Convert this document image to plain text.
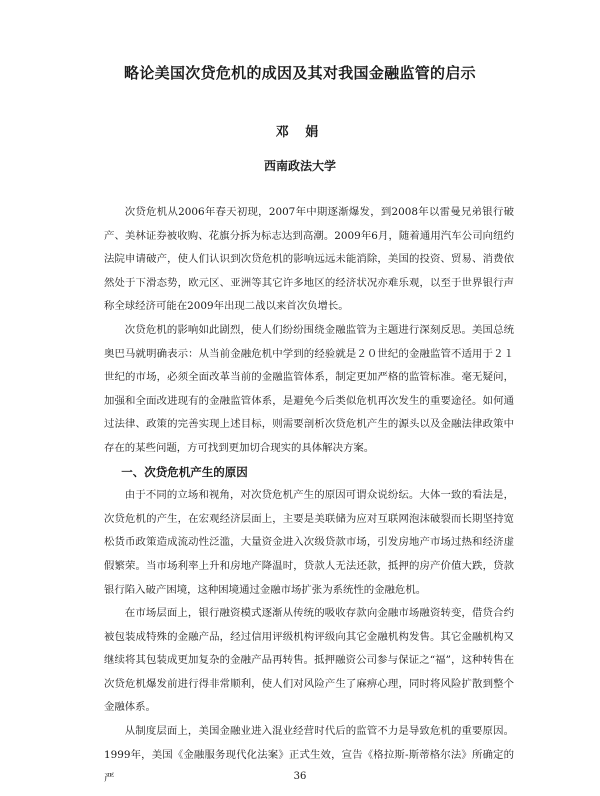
略论美国次贷危机的成因及其对我国金融监管的启示
邓 娟
西南政法大学

次贷危机从2006年春天初现，2007年中期逐渐爆发，到2008年以雷曼兄弟银行破产、美林证券被收购、花旗分拆为标志达到高潮。2009年6月，随着通用汽车公司向纽约法院申请破产，使人们认识到次贷危机的影响远远未能消除，美国的投资、贸易、消费依然处于下滑态势，欧元区、亚洲等其它许多地区的经济状况亦难乐观，以至于世界银行声称全球经济可能在2009年出现二战以来首次负增长。

次贷危机的影响如此剧烈，使人们纷纷围绕金融监管为主题进行深刻反思。美国总统奥巴马就明确表示：从当前金融危机中学到的经验就是２０世纪的金融监管不适用于２１世纪的市场，必须全面改革当前的金融监管体系，制定更加严格的监管标准。毫无疑问，加强和全面改进现有的金融监管体系，是避免今后类似危机再次发生的重要途径。如何通过法律、政策的完善实现上述目标，则需要剖析次贷危机产生的源头以及金融法律政策中存在的某些问题，方可找到更加切合现实的具体解决方案。

一、次贷危机产生的原因

由于不同的立场和视角，对次贷危机产生的原因可谓众说纷纭。大体一致的看法是，次贷危机的产生，在宏观经济层面上，主要是美联储为应对互联网泡沫破裂而长期坚持宽松货币政策造成流动性泛滥，大量资金进入次级贷款市场，引发房地产市场过热和经济虚假繁荣。当市场利率上升和房地产降温时，贷款人无法还款，抵押的房产价值大跌，贷款银行陷入破产困境，这种困境通过金融市场扩张为系统性的金融危机。

在市场层面上，银行融资模式逐渐从传统的吸收存款向金融市场融资转变，借贷合约被包装成特殊的金融产品，经过信用评级机构评级向其它金融机构发售。其它金融机构又继续将其包装成更加复杂的金融产品再转售。抵押融资公司参与保证之“福”，这种转售在次贷危机爆发前进行得非常顺利，使人们对风险产生了麻痹心理，同时将风险扩散到整个金融体系。

从制度层面上，美国金融业进入混业经营时代后的监管不力是导致危机的重要原因。1999年，美国《金融服务现代化法案》正式生效，宣告《格拉斯-斯蒂格尔法》所确定的严	36
